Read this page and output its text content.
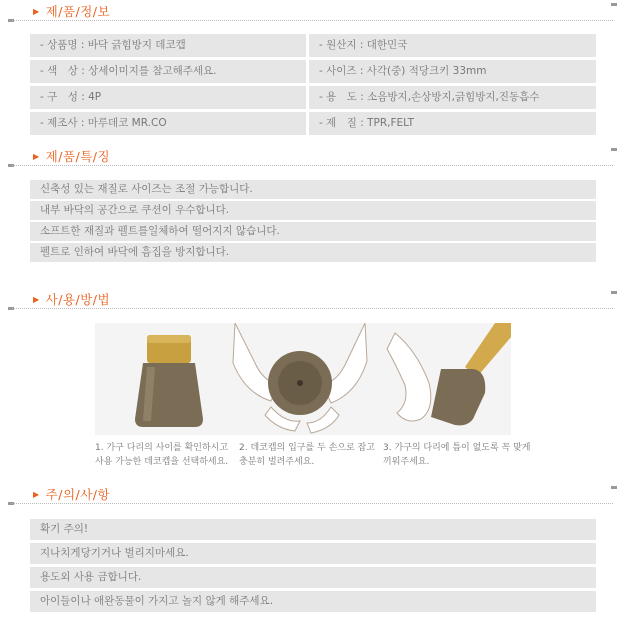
▶ 제/품/정/보
- 상품명 : 바닥 긁힘방지 데코캡	- 원산지 : 대한민국
- 색　상 : 상세이미지를 참고해주세요.	- 사이즈 : 사각(중) 적당크키 33mm
- 구　성 : 4P	- 용　도 : 소음방지,손상방지,긁힘방지,진동흡수
- 제조사 : 마루데코 MR.CO	- 제　질 : TPR,FELT
▶ 제/품/특/징
신축성 있는 재질로 사이즈는 조절 가능합니다.
내부 바닥의 공간으로 쿠션이 우수합니다.
소프트한 재질과 펠트를일체하여 떨어지지 않습니다.
펠트로 인하여 바닥에 흠집을 방지합니다.
▶ 사/용/방/법
1. 가구 다리의 사이를 확인하시고
사용 가능한 데코캡을 선택하세요.
2. 데코캡의 입구를 두 손으로 잡고
충분히 벌려주세요.
3. 가구의 다리에 틈이 없도록 꼭 맞게
끼워주세요.
▶ 주/의/사/항
확기 주의!
지나치게당기거나 벌리지마세요.
용도외 사용 금합니다.
아이들이나 애완동물이 가지고 놀지 않게 해주세요.
